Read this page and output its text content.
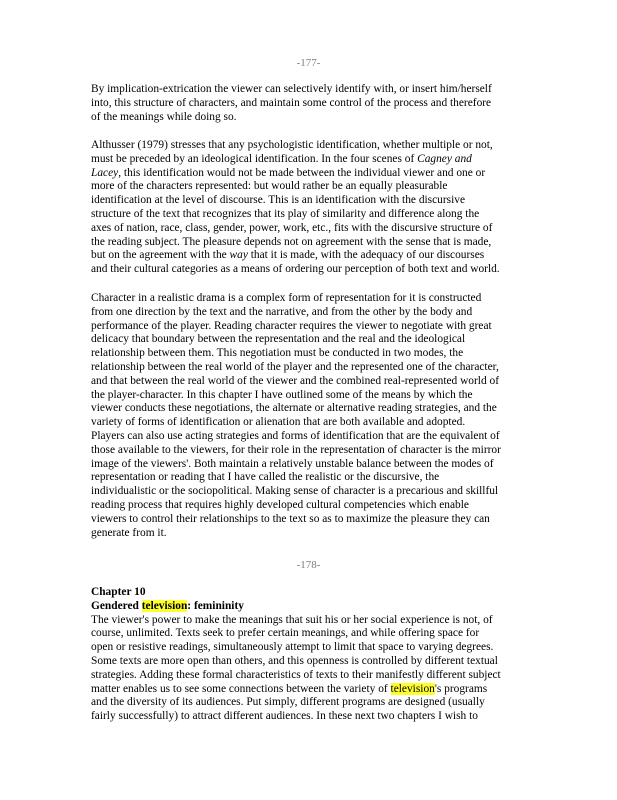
-177-
By implication-extrication the viewer can selectively identify with, or insert him/herself
into, this structure of characters, and maintain some control of the process and therefore
of the meanings while doing so.
Althusser (1979) stresses that any psychologistic identification, whether multiple or not,
must be preceded by an ideological identification. In the four scenes of Cagney and
Lacey, this identification would not be made between the individual viewer and one or
more of the characters represented: but would rather be an equally pleasurable
identification at the level of discourse. This is an identification with the discursive
structure of the text that recognizes that its play of similarity and difference along the
axes of nation, race, class, gender, power, work, etc., fits with the discursive structure of
the reading subject. The pleasure depends not on agreement with the sense that is made,
but on the agreement with the way that it is made, with the adequacy of our discourses
and their cultural categories as a means of ordering our perception of both text and world.
Character in a realistic drama is a complex form of representation for it is constructed
from one direction by the text and the narrative, and from the other by the body and
performance of the player. Reading character requires the viewer to negotiate with great
delicacy that boundary between the representation and the real and the ideological
relationship between them. This negotiation must be conducted in two modes, the
relationship between the real world of the player and the represented one of the character,
and that between the real world of the viewer and the combined real-represented world of
the player-character. In this chapter I have outlined some of the means by which the
viewer conducts these negotiations, the alternate or alternative reading strategies, and the
variety of forms of identification or alienation that are both available and adopted.
Players can also use acting strategies and forms of identification that are the equivalent of
those available to the viewers, for their role in the representation of character is the mirror
image of the viewers'. Both maintain a relatively unstable balance between the modes of
representation or reading that I have called the realistic or the discursive, the
individualistic or the sociopolitical. Making sense of character is a precarious and skillful
reading process that requires highly developed cultural competencies which enable
viewers to control their relationships to the text so as to maximize the pleasure they can
generate from it.
-178-
Chapter 10
Gendered television: femininity
The viewer's power to make the meanings that suit his or her social experience is not, of
course, unlimited. Texts seek to prefer certain meanings, and while offering space for
open or resistive readings, simultaneously attempt to limit that space to varying degrees.
Some texts are more open than others, and this openness is controlled by different textual
strategies. Adding these formal characteristics of texts to their manifestly different subject
matter enables us to see some connections between the variety of television's programs
and the diversity of its audiences. Put simply, different programs are designed (usually
fairly successfully) to attract different audiences. In these next two chapters I wish to
